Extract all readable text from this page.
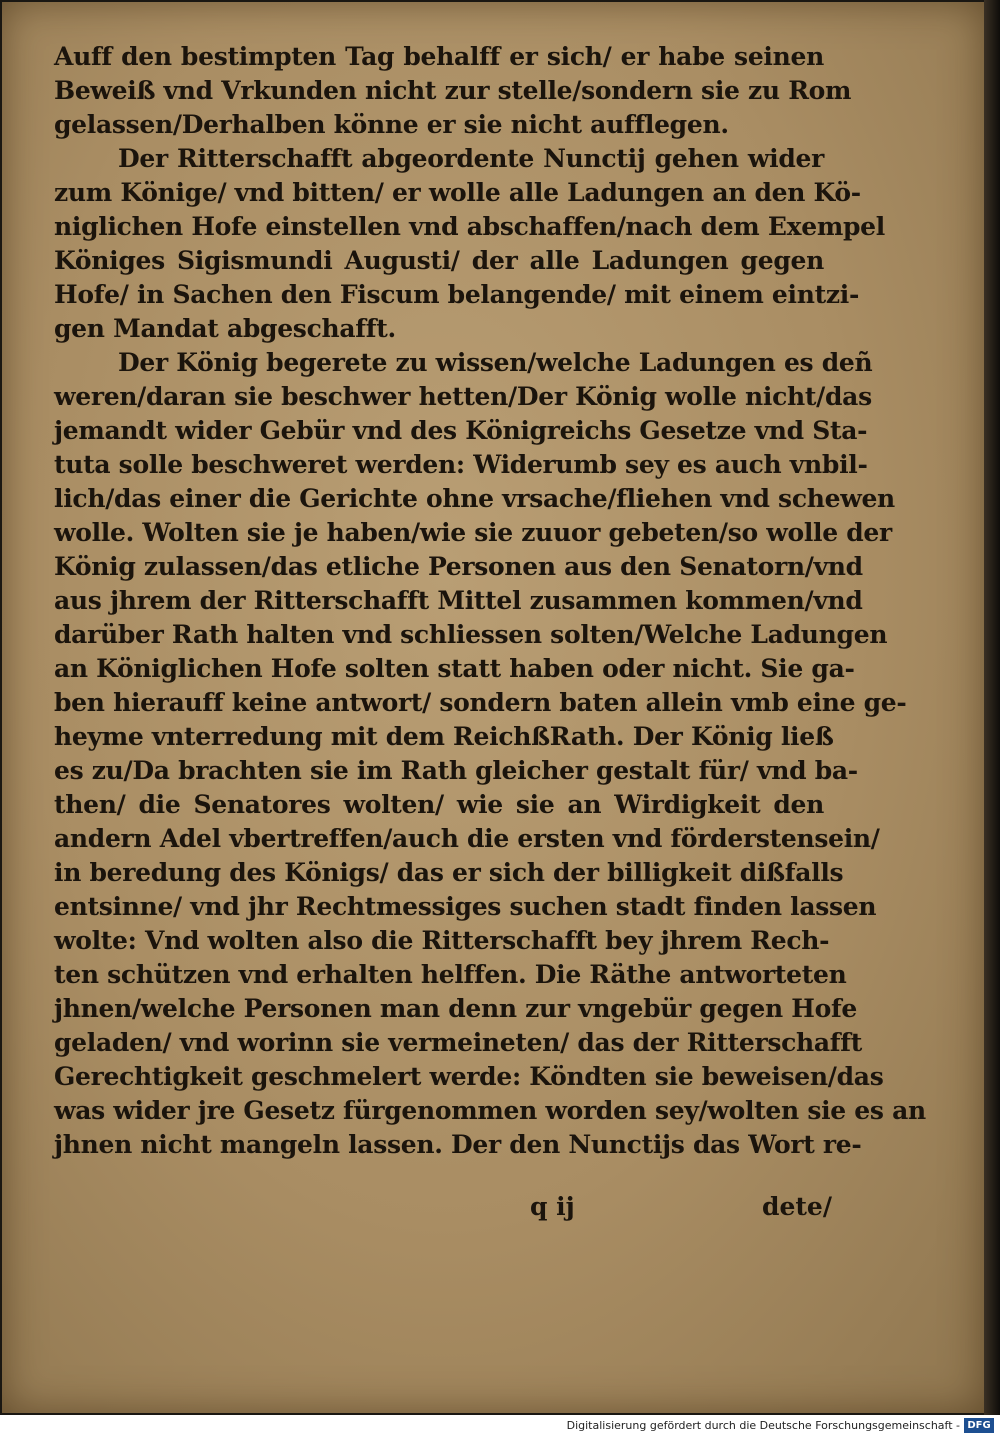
Auff den bestimpten Tag behalff er sich/ er habe seinen
Beweiß vnd Vrkunden nicht zur stelle/sondern sie zu Rom
gelassen/Derhalben könne er sie nicht aufflegen.
Der Ritterschafft abgeordente Nunctij gehen wider
zum Könige/ vnd bitten/ er wolle alle Ladungen an den Kö-
niglichen Hofe einstellen vnd abschaffen/nach dem Exempel
Königes Sigismundi Augusti/ der alle Ladungen gegen
Hofe/ in Sachen den Fiscum belangende/ mit einem eintzi-
gen Mandat abgeschafft.
Der König begerete zu wissen/welche Ladungen es deñ
weren/daran sie beschwer hetten/Der König wolle nicht/das
jemandt wider Gebür vnd des Königreichs Gesetze vnd Sta-
tuta solle beschweret werden: Widerumb sey es auch vnbil-
lich/das einer die Gerichte ohne vrsache/fliehen vnd schewen
wolle. Wolten sie je haben/wie sie zuuor gebeten/so wolle der
König zulassen/das etliche Personen aus den Senatorn/vnd
aus jhrem der Ritterschafft Mittel zusammen kommen/vnd
darüber Rath halten vnd schliessen solten/Welche Ladungen
an Königlichen Hofe solten statt haben oder nicht. Sie ga-
ben hierauff keine antwort/ sondern baten allein vmb eine ge-
heyme vnterredung mit dem ReichßRath. Der König ließ
es zu/Da brachten sie im Rath gleicher gestalt für/ vnd ba-
then/ die Senatores wolten/ wie sie an Wirdigkeit den
andern Adel vbertreffen/auch die ersten vnd förderstensein/
in beredung des Königs/ das er sich der billigkeit dißfalls
entsinne/ vnd jhr Rechtmessiges suchen stadt finden lassen
wolte: Vnd wolten also die Ritterschafft bey jhrem Rech-
ten schützen vnd erhalten helffen. Die Räthe antworteten
jhnen/welche Personen man denn zur vngebür gegen Hofe
geladen/ vnd worinn sie vermeineten/ das der Ritterschafft
Gerechtigkeit geschmelert werde: Köndten sie beweisen/das
was wider jre Gesetz fürgenommen worden sey/wolten sie es an
jhnen nicht mangeln lassen. Der den Nunctijs das Wort re-
q ij	dete/
Digitalisierung gefördert durch die Deutsche Forschungsgemeinschaft - DFG
